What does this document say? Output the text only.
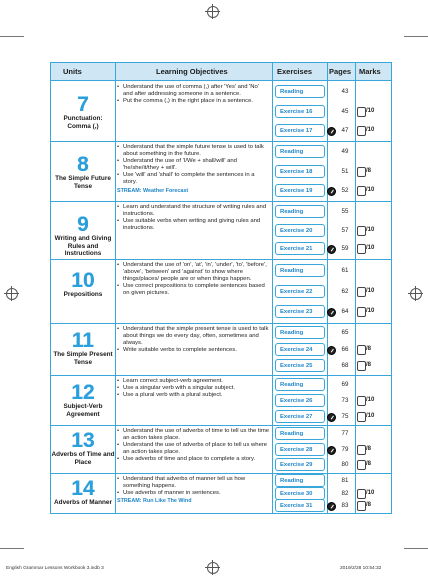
Units	Learning Objectives	Exercises Pages Marks
7
Punctuation: Comma (,)
• Understand the use of comma (,) after 'Yes' and 'No' and after addressing someone in a sentence.
• Put the comma (,) in the right place in a sentence.
Reading	43
Exercise 16	45	/10
Exercise 17	47	/10
8
The Simple Future Tense
• Understand that the simple future tense is used to talk about something in the future.
• Understand the use of 'I/We + shall/will' and 'he/she/it/they + will'.
• Use 'will' and 'shall' to complete the sentences in a story.
STREAM: Weather Forecast
Reading	49
Exercise 18	51	/8
Exercise 19	52	/10
9
Writing and Giving Rules and Instructions
• Learn and understand the structure of writing rules and instructions.
• Use suitable verbs when writing and giving rules and instructions.
Reading	55
Exercise 20	57	/10
Exercise 21	59	/10
10
Prepositions
• Understand the use of 'on', 'at', 'in', 'under', 'to', 'before', 'above', 'between' and 'against' to show where things/places/ people are or when things happen.
• Use correct prepositions to complete sentences based on given pictures.
Reading	61
Exercise 22	62	/10
Exercise 23	64	/10
11
The Simple Present Tense
• Understand that the simple present tense is used to talk about things we do every day, often, sometimes and always.
• Write suitable verbs to complete sentences.
Reading	65
Exercise 24	66	/8
Exercise 25	68	/8
12
Subject-Verb Agreement
• Learn correct subject-verb agreement.
• Use a singular verb with a singular subject.
• Use a plural verb with a plural subject.
Reading	69
Exercise 26	73	/10
Exercise 27	75	/10
13
Adverbs of Time and Place
• Understand the use of adverbs of time to tell us the time an action takes place.
• Understand the use of adverbs of place to tell us where an action takes place.
• Use adverbs of time and place to complete a story.
Reading	77
Exercise 28	79	/8
Exercise 29	80	/8
14
Adverbs of Manner
• Understand that adverbs of manner tell us how something happens.
• Use adverbs of manner in sentences.
STREAM: Run Like The Wind
Reading	81
Exercise 30	82	/10
Exercise 31	83	/8
English Grammar Lessons Workbook 3.indb 3	2019/2/28 10:54:32
